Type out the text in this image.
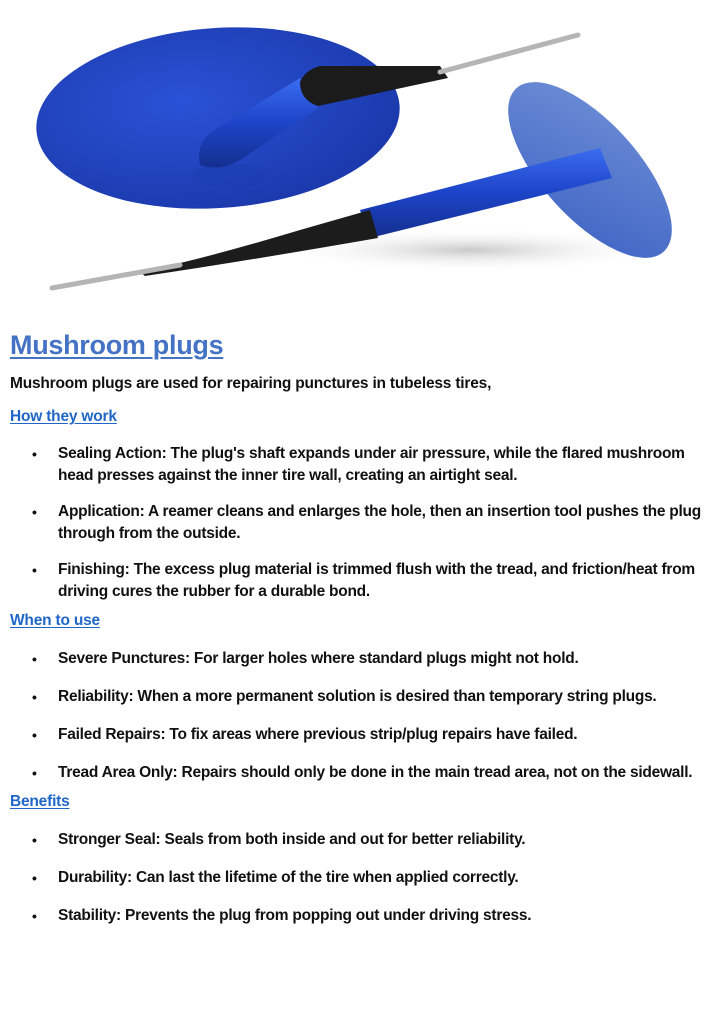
Mushroom plugs

Mushroom plugs are used for repairing punctures in tubeless tires,

How they work
• Sealing Action: The plug's shaft expands under air pressure, while the flared mushroom head presses against the inner tire wall, creating an airtight seal.
• Application: A reamer cleans and enlarges the hole, then an insertion tool pushes the plug through from the outside.
• Finishing: The excess plug material is trimmed flush with the tread, and friction/heat from driving cures the rubber for a durable bond.
When to use
• Severe Punctures: For larger holes where standard plugs might not hold.
• Reliability: When a more permanent solution is desired than temporary string plugs.
• Failed Repairs: To fix areas where previous strip/plug repairs have failed.
• Tread Area Only: Repairs should only be done in the main tread area, not on the sidewall.
Benefits
• Stronger Seal: Seals from both inside and out for better reliability.
• Durability: Can last the lifetime of the tire when applied correctly.
• Stability: Prevents the plug from popping out under driving stress.
